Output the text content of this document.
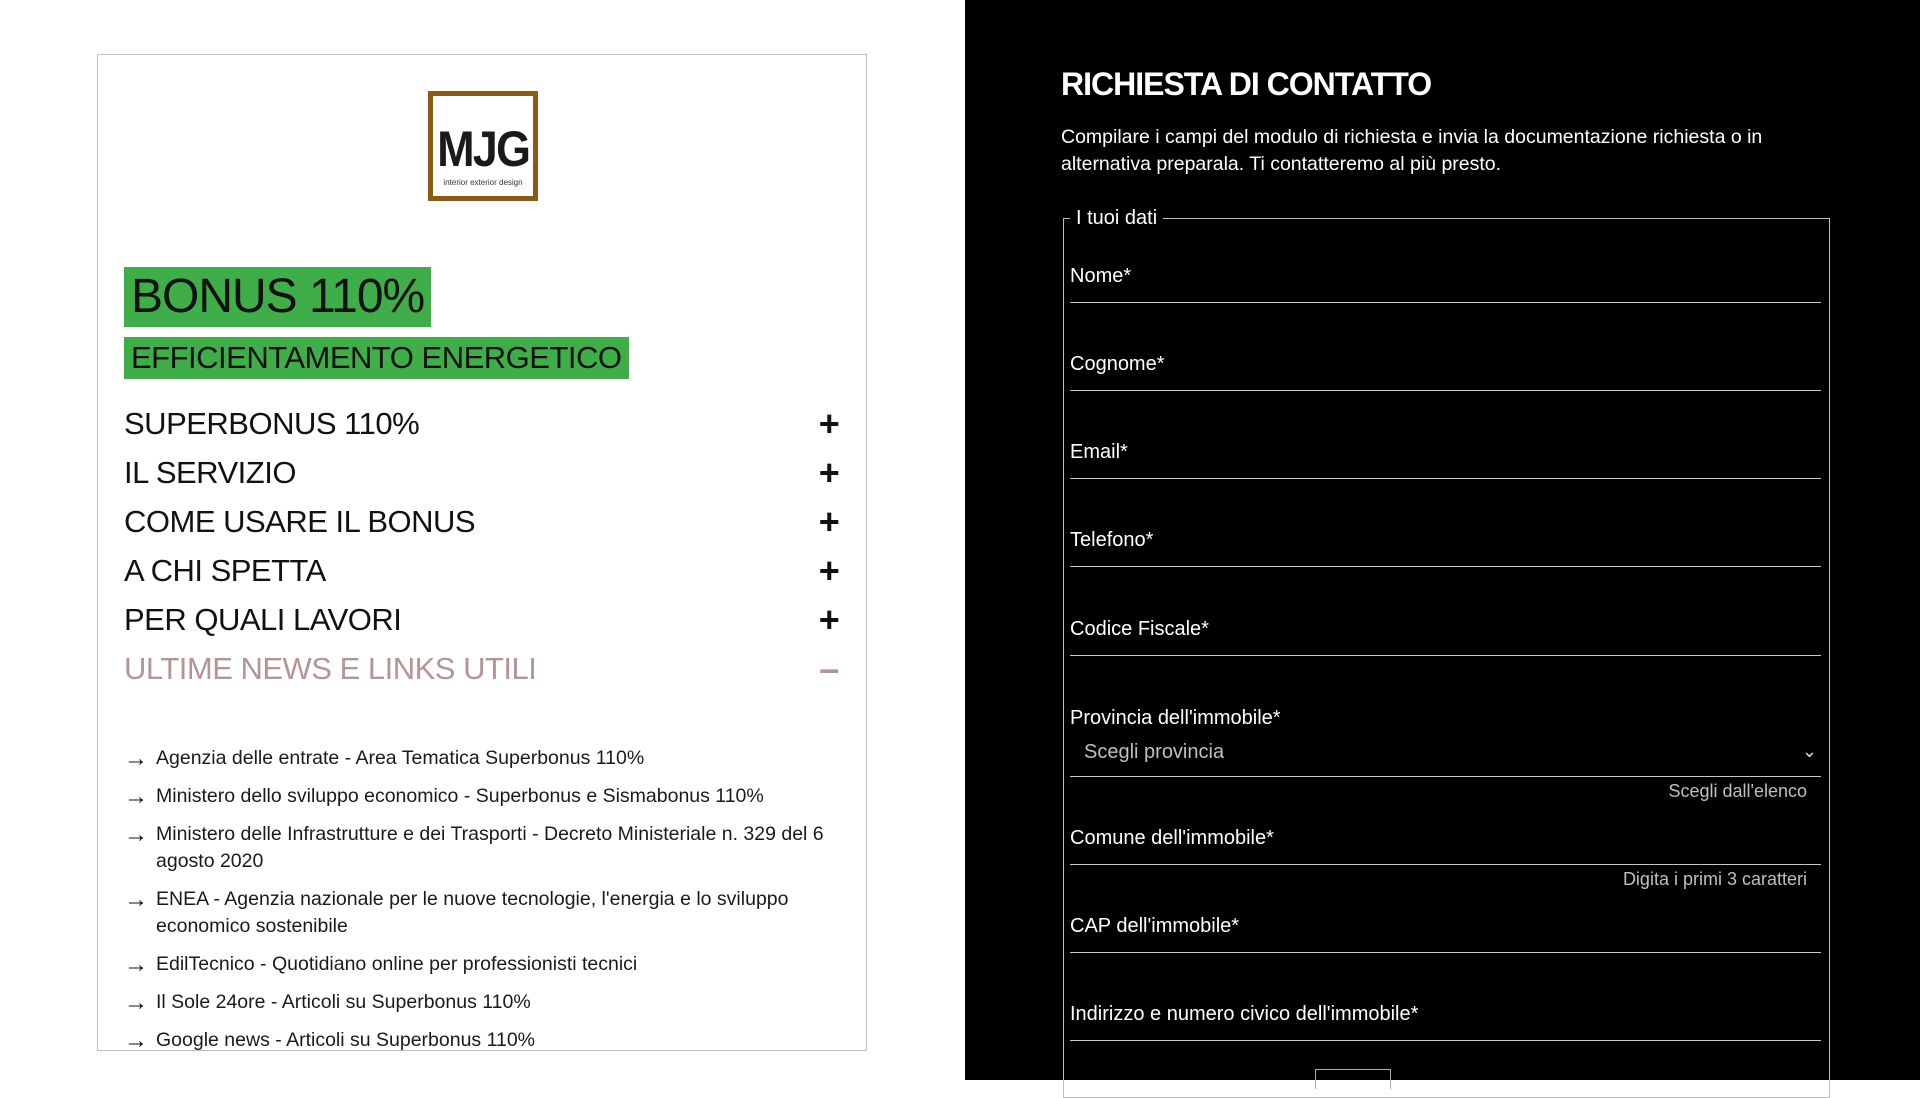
MJG
interior exterior design
BONUS 110%
EFFICIENTAMENTO ENERGETICO
SUPERBONUS 110%	+
IL SERVIZIO	+
COME USARE IL BONUS	+
A CHI SPETTA	+
PER QUALI LAVORI	+
ULTIME NEWS E LINKS UTILI	–
→ Agenzia delle entrate - Area Tematica Superbonus 110%
→ Ministero dello sviluppo economico - Superbonus e Sismabonus 110%
→ Ministero delle Infrastrutture e dei Trasporti - Decreto Ministeriale n. 329 del 6 agosto 2020
→ ENEA - Agenzia nazionale per le nuove tecnologie, l'energia e lo sviluppo economico sostenibile
→ EdilTecnico - Quotidiano online per professionisti tecnici
→ Il Sole 24ore - Articoli su Superbonus 110%
→ Google news - Articoli su Superbonus 110%
RICHIESTA DI CONTATTO
Compilare i campi del modulo di richiesta e invia la documentazione richiesta o in alternativa preparala. Ti contatteremo al più presto.
I tuoi dati
Nome*
Cognome*
Email*
Telefono*
Codice Fiscale*
Provincia dell'immobile*
Scegli provincia	⌄
Scegli dall'elenco
Comune dell'immobile*
Digita i primi 3 caratteri
CAP dell'immobile*
Indirizzo e numero civico dell'immobile*
